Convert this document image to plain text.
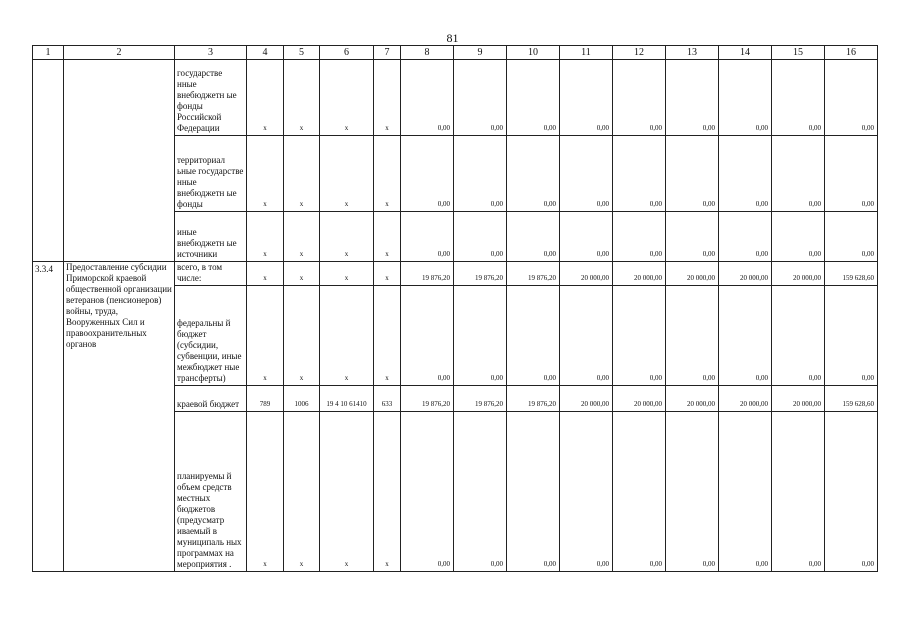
81
1	2	3	4	5	6	7	8	9	10	11	12	13	14	15	16
		государстве нные внебюджетн ые фонды Российской Федерации	x	x	x	x	0,00	0,00	0,00	0,00	0,00	0,00	0,00	0,00	0,00
		территориал ьные государстве нные внебюджетн ые фонды	x	x	x	x	0,00	0,00	0,00	0,00	0,00	0,00	0,00	0,00	0,00
		иные внебюджетн ые источники	x	x	x	x	0,00	0,00	0,00	0,00	0,00	0,00	0,00	0,00	0,00
3.3.4	Предоставление субсидии Приморской краевой общественной организации ветеранов (пенсионеров) войны, труда, Вооруженных Сил и правоохранительных органов	всего, в том числе:	x	x	x	x	19 876,20	19 876,20	19 876,20	20 000,00	20 000,00	20 000,00	20 000,00	20 000,00	159 628,60
		федеральны й бюджет (субсидии, субвенции, иные межбюджет ные трансферты)	x	x	x	x	0,00	0,00	0,00	0,00	0,00	0,00	0,00	0,00	0,00
		краевой бюджет	789	1006	19 4 10 61410	633	19 876,20	19 876,20	19 876,20	20 000,00	20 000,00	20 000,00	20 000,00	20 000,00	159 628,60
		планируемы й объем средств местных бюджетов (предусматр иваемый в муниципаль ных программах на мероприятия .	x	x	x	x	0,00	0,00	0,00	0,00	0,00	0,00	0,00	0,00	0,00
